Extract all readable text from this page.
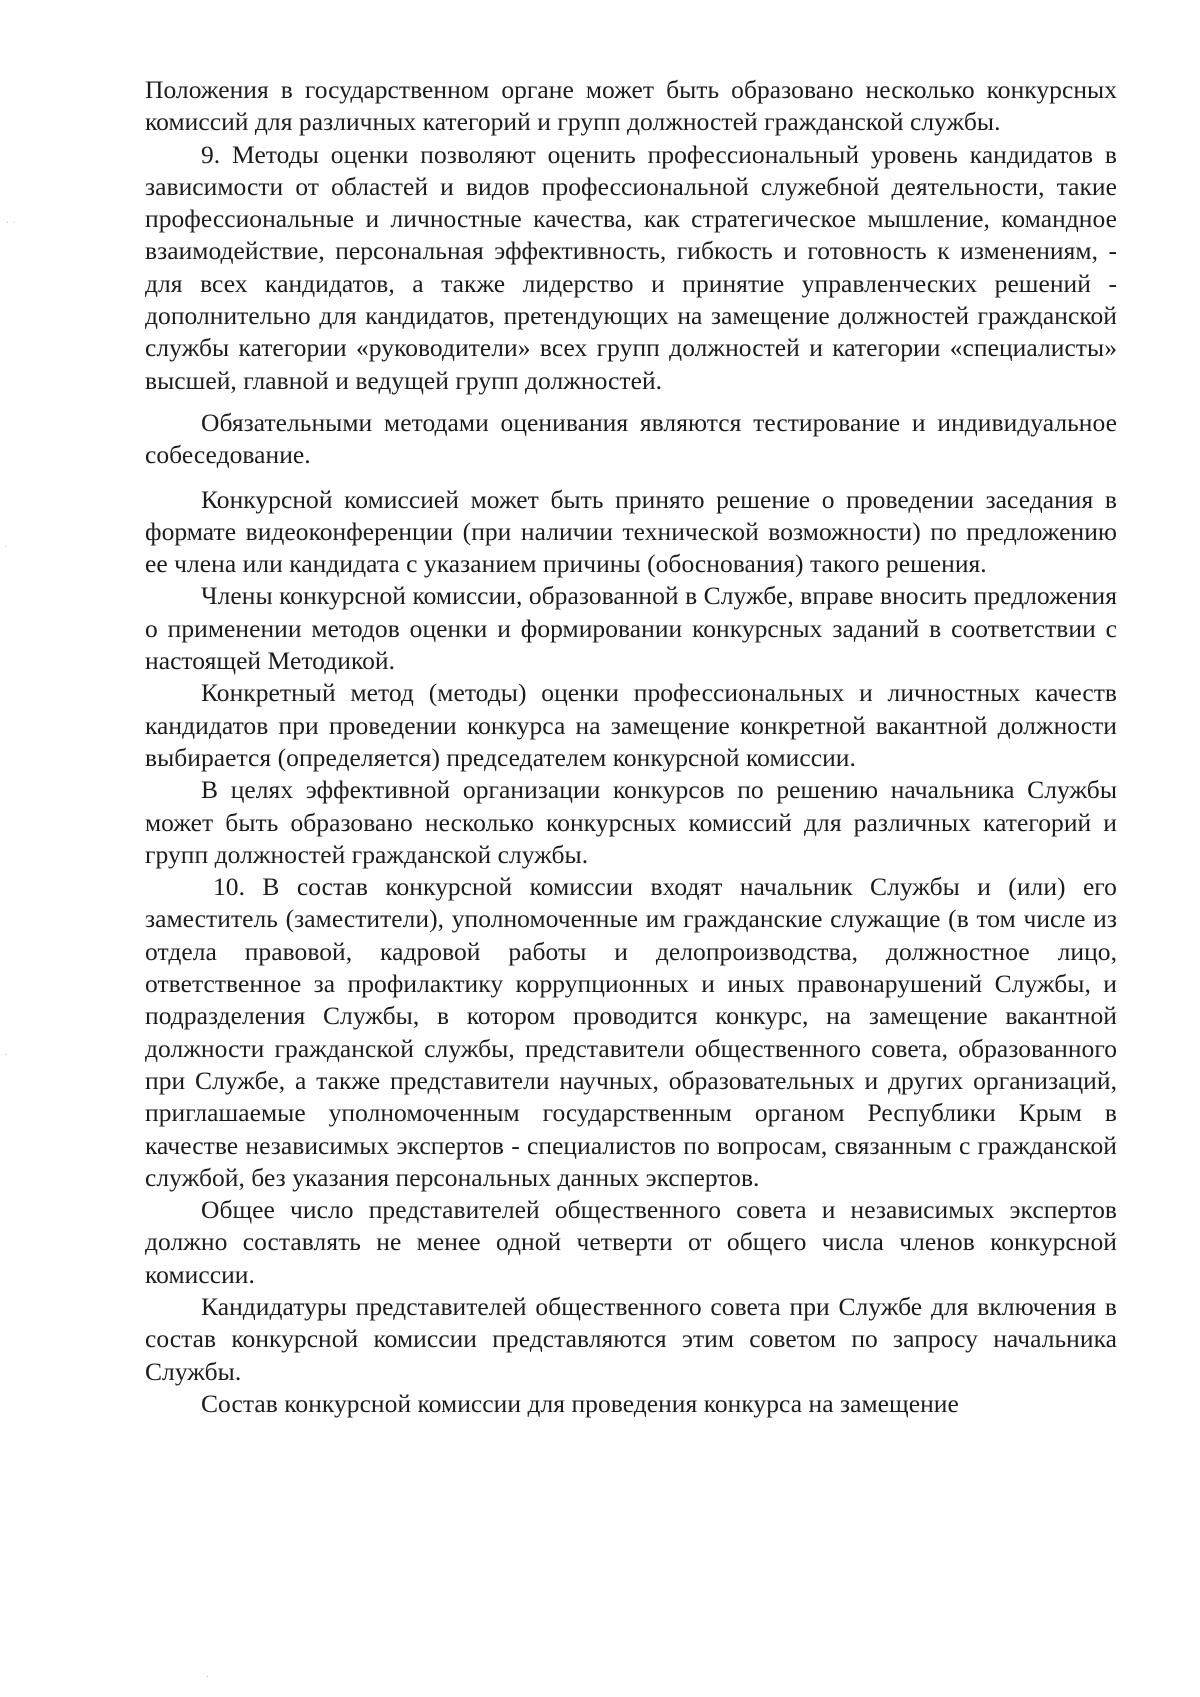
Положения в государственном органе может быть образовано несколько конкурсных комиссий для различных категорий и групп должностей гражданской службы.

9. Методы оценки позволяют оценить профессиональный уровень кандидатов в зависимости от областей и видов профессиональной служебной деятельности, такие профессиональные и личностные качества, как стратегическое мышление, командное взаимодействие, персональная эффективность, гибкость и готовность к изменениям, - для всех кандидатов, а также лидерство и принятие управленческих решений - дополнительно для кандидатов, претендующих на замещение должностей гражданской службы категории «руководители» всех групп должностей и категории «специалисты» высшей, главной и ведущей групп должностей.

Обязательными методами оценивания являются тестирование и индивидуальное собеседование.

Конкурсной комиссией может быть принято решение о проведении заседания в формате видеоконференции (при наличии технической возможности) по предложению ее члена или кандидата с указанием причины (обоснования) такого решения.

Члены конкурсной комиссии, образованной в Службе, вправе вносить предложения о применении методов оценки и формировании конкурсных заданий в соответствии с настоящей Методикой.

Конкретный метод (методы) оценки профессиональных и личностных качеств кандидатов при проведении конкурса на замещение конкретной вакантной должности выбирается (определяется) председателем конкурсной комиссии.

В целях эффективной организации конкурсов по решению начальника Службы может быть образовано несколько конкурсных комиссий для различных категорий и групп должностей гражданской службы.

10. В состав конкурсной комиссии входят начальник Службы и (или) его заместитель (заместители), уполномоченные им гражданские служащие (в том числе из отдела правовой, кадровой работы и делопроизводства, должностное лицо, ответственное за профилактику коррупционных и иных правонарушений Службы, и подразделения Службы, в котором проводится конкурс, на замещение вакантной должности гражданской службы, представители общественного совета, образованного при Службе, а также представители научных, образовательных и других организаций, приглашаемые уполномоченным государственным органом Республики Крым в качестве независимых экспертов - специалистов по вопросам, связанным с гражданской службой, без указания персональных данных экспертов.

Общее число представителей общественного совета и независимых экспертов должно составлять не менее одной четверти от общего числа членов конкурсной комиссии.

Кандидатуры представителей общественного совета при Службе для включения в состав конкурсной комиссии представляются этим советом по запросу начальника Службы.

Состав конкурсной комиссии для проведения конкурса на замещение

· ·
·
·
·
